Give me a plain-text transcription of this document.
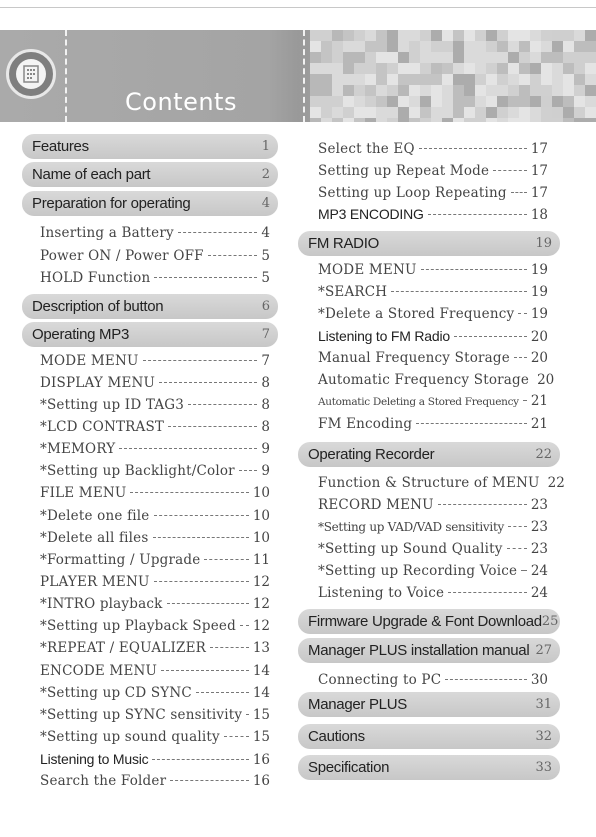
Contents
Features	1
Name of each part	2
Preparation for operating	4
Inserting a Battery	4
Power ON / Power OFF	5
HOLD Function	5
Description of button	6
Operating MP3	7
MODE MENU	7
DISPLAY MENU	8
*Setting up ID TAG3	8
*LCD CONTRAST	8
*MEMORY	9
*Setting up Backlight/Color 9
FILE MENU	10
*Delete one file	10
*Delete all files	10
*Formatting / Upgrade	11
PLAYER MENU	12
*INTRO playback	12
*Setting up Playback Speed 12
*REPEAT / EQUALIZER	13
ENCODE MENU	14
*Setting up CD SYNC	14
*Setting up SYNC sensitivity 15
*Setting up sound quality 15
Listening to Music	16
Search the Folder	16
Select the EQ	17
Setting up Repeat Mode	17
Setting up Loop Repeating 17
MP3 ENCODING	18
FM RADIO	19
MODE MENU	19
*SEARCH	19
*Delete a Stored Frequency 19
Listening to FM Radio	20
Manual Frequency Storage 20
Automatic Frequency Storage 20
Automatic Deleting a Stored Frequency 21
FM Encoding	21
Operating Recorder	22
Function & Structure of MENU 22
RECORD MENU	23
*Setting up VAD/VAD sensitivity 23
*Setting up Sound Quality 23
*Setting up Recording Voice 24
Listening to Voice	24
Firmware Upgrade & Font Download 25
Manager PLUS installation manual 27
Connecting to PC	30
Manager PLUS	31
Cautions	32
Specification	33
